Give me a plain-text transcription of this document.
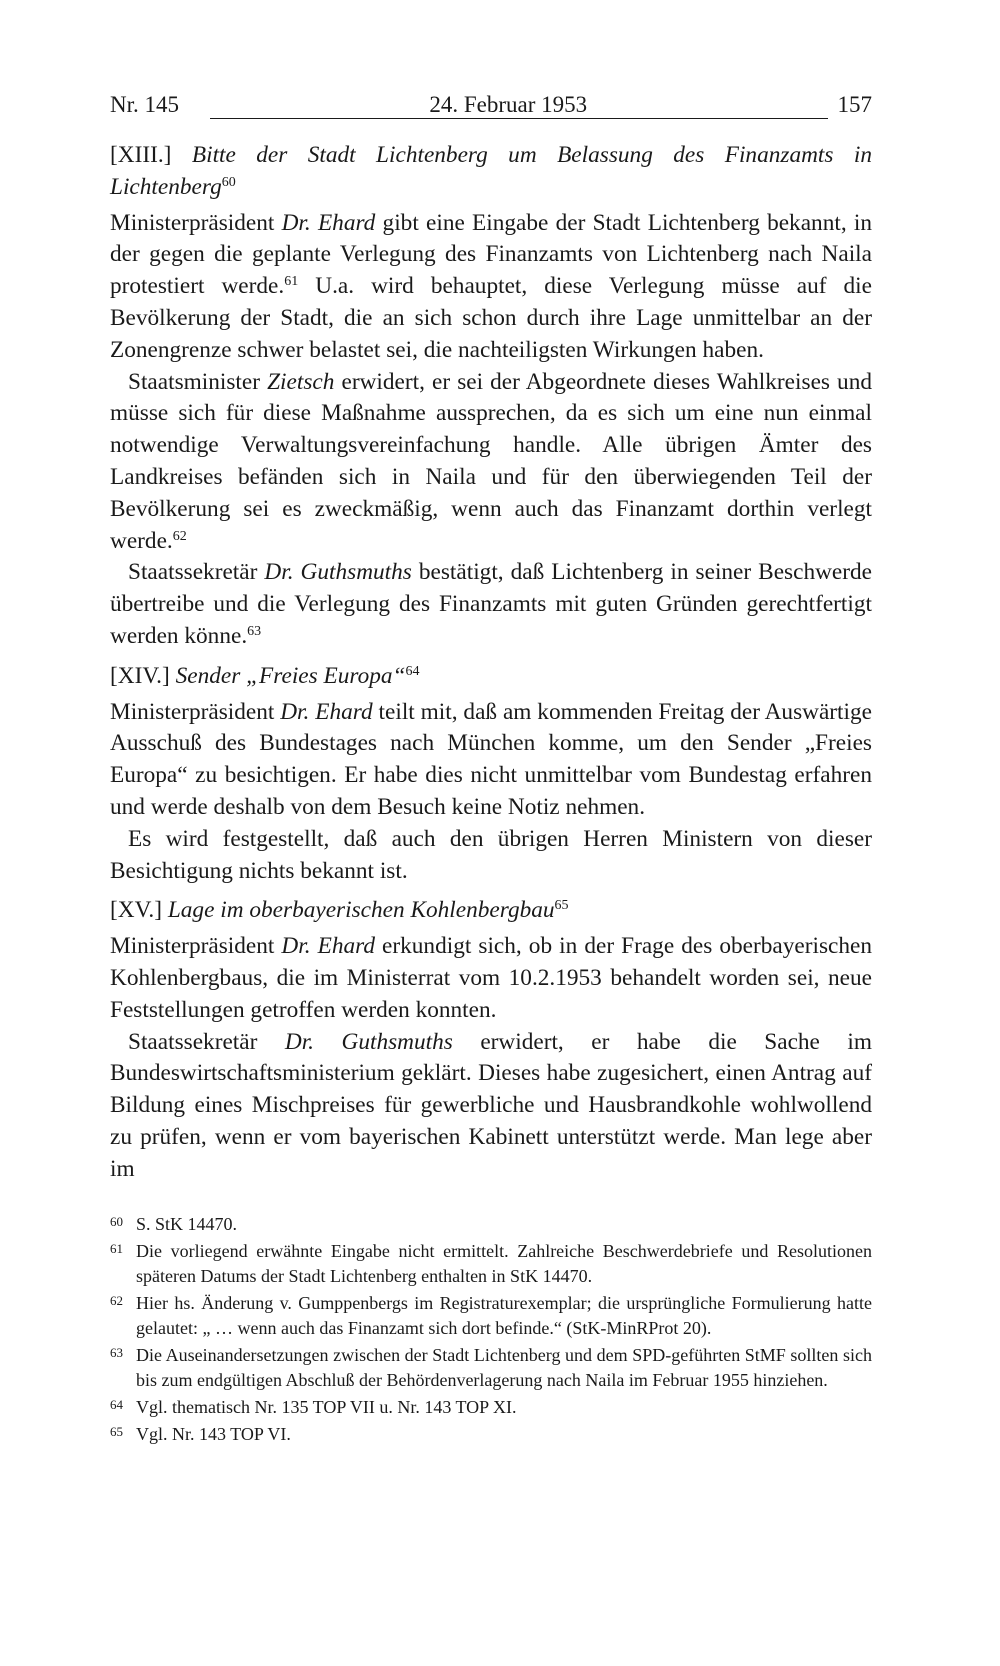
Nr. 145	24. Februar 1953	157
[XIII.] Bitte der Stadt Lichtenberg um Belassung des Finanzamts in Lichtenberg$^{60}$

Ministerpräsident Dr. Ehard gibt eine Eingabe der Stadt Lichtenberg bekannt, in der gegen die geplante Verlegung des Finanzamts von Lichtenberg nach Naila protestiert werde.$^{61}$ U.a. wird behauptet, diese Verlegung müsse auf die Bevölkerung der Stadt, die an sich schon durch ihre Lage unmittelbar an der Zonengrenze schwer belastet sei, die nachteiligsten Wirkungen haben.

Staatsminister Zietsch erwidert, er sei der Abgeordnete dieses Wahlkreises und müsse sich für diese Maßnahme aussprechen, da es sich um eine nun einmal notwendige Verwaltungsvereinfachung handle. Alle übrigen Ämter des Landkreises befänden sich in Naila und für den überwiegenden Teil der Bevölkerung sei es zweckmäßig, wenn auch das Finanzamt dorthin verlegt werde.$^{62}$

Staatssekretär Dr. Guthsmuths bestätigt, daß Lichtenberg in seiner Beschwerde übertreibe und die Verlegung des Finanzamts mit guten Gründen gerechtfertigt werden könne.$^{63}$

[XIV.] Sender „Freies Europa“$^{64}$

Ministerpräsident Dr. Ehard teilt mit, daß am kommenden Freitag der Auswärtige Ausschuß des Bundestages nach München komme, um den Sender „Freies Europa“ zu besichtigen. Er habe dies nicht unmittelbar vom Bundestag erfahren und werde deshalb von dem Besuch keine Notiz nehmen.

Es wird festgestellt, daß auch den übrigen Herren Ministern von dieser Besichtigung nichts bekannt ist.

[XV.] Lage im oberbayerischen Kohlenbergbau$^{65}$

Ministerpräsident Dr. Ehard erkundigt sich, ob in der Frage des oberbayerischen Kohlenbergbaus, die im Ministerrat vom 10.2.1953 behandelt worden sei, neue Feststellungen getroffen werden konnten.

Staatssekretär Dr. Guthsmuths erwidert, er habe die Sache im Bundeswirtschaftsministerium geklärt. Dieses habe zugesichert, einen Antrag auf Bildung eines Mischpreises für gewerbliche und Hausbrandkohle wohlwollend zu prüfen, wenn er vom bayerischen Kabinett unterstützt werde. Man lege aber im

60 S. StK 14470.
61 Die vorliegend erwähnte Eingabe nicht ermittelt. Zahlreiche Beschwerdebriefe und Resolutionen späteren Datums der Stadt Lichtenberg enthalten in StK 14470.
62 Hier hs. Änderung v. Gumppenbergs im Registraturexemplar; die ursprüngliche Formulierung hatte gelautet: „ … wenn auch das Finanzamt sich dort befinde.“ (StK-MinRProt 20).
63 Die Auseinandersetzungen zwischen der Stadt Lichtenberg und dem SPD-geführten StMF sollten sich bis zum endgültigen Abschluß der Behördenverlagerung nach Naila im Februar 1955 hinziehen.
64 Vgl. thematisch Nr. 135 TOP VII u. Nr. 143 TOP XI.
65 Vgl. Nr. 143 TOP VI.
